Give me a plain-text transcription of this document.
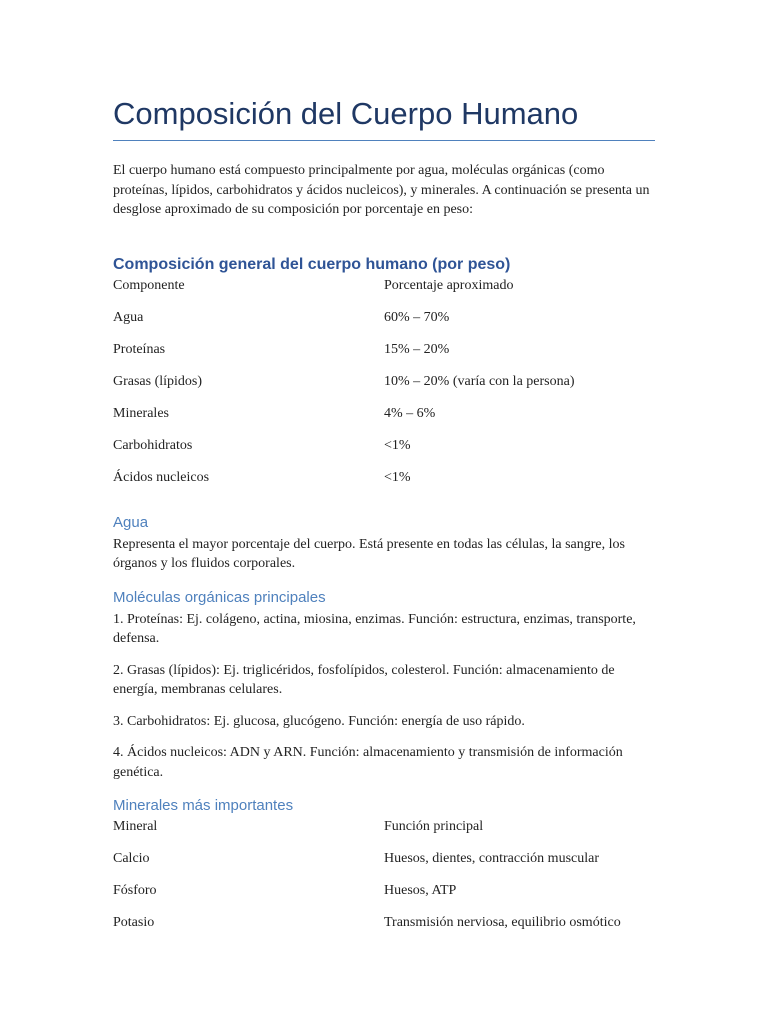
Composición del Cuerpo Humano

El cuerpo humano está compuesto principalmente por agua, moléculas orgánicas (como proteínas, lípidos, carbohidratos y ácidos nucleicos), y minerales. A continuación se presenta un desglose aproximado de su composición por porcentaje en peso:

Composición general del cuerpo humano (por peso)
Componente	Porcentaje aproximado
Agua	60% – 70%
Proteínas	15% – 20%
Grasas (lípidos)	10% – 20% (varía con la persona)
Minerales	4% – 6%
Carbohidratos	<1%
Ácidos nucleicos	<1%
Agua

Representa el mayor porcentaje del cuerpo. Está presente en todas las células, la sangre, los órganos y los fluidos corporales.

Moléculas orgánicas principales

1. Proteínas: Ej. colágeno, actina, miosina, enzimas. Función: estructura, enzimas, transporte, defensa.

2. Grasas (lípidos): Ej. triglicéridos, fosfolípidos, colesterol. Función: almacenamiento de energía, membranas celulares.

3. Carbohidratos: Ej. glucosa, glucógeno. Función: energía de uso rápido.

4. Ácidos nucleicos: ADN y ARN. Función: almacenamiento y transmisión de información genética.

Minerales más importantes
Mineral	Función principal
Calcio	Huesos, dientes, contracción muscular
Fósforo	Huesos, ATP
Potasio	Transmisión nerviosa, equilibrio osmótico
